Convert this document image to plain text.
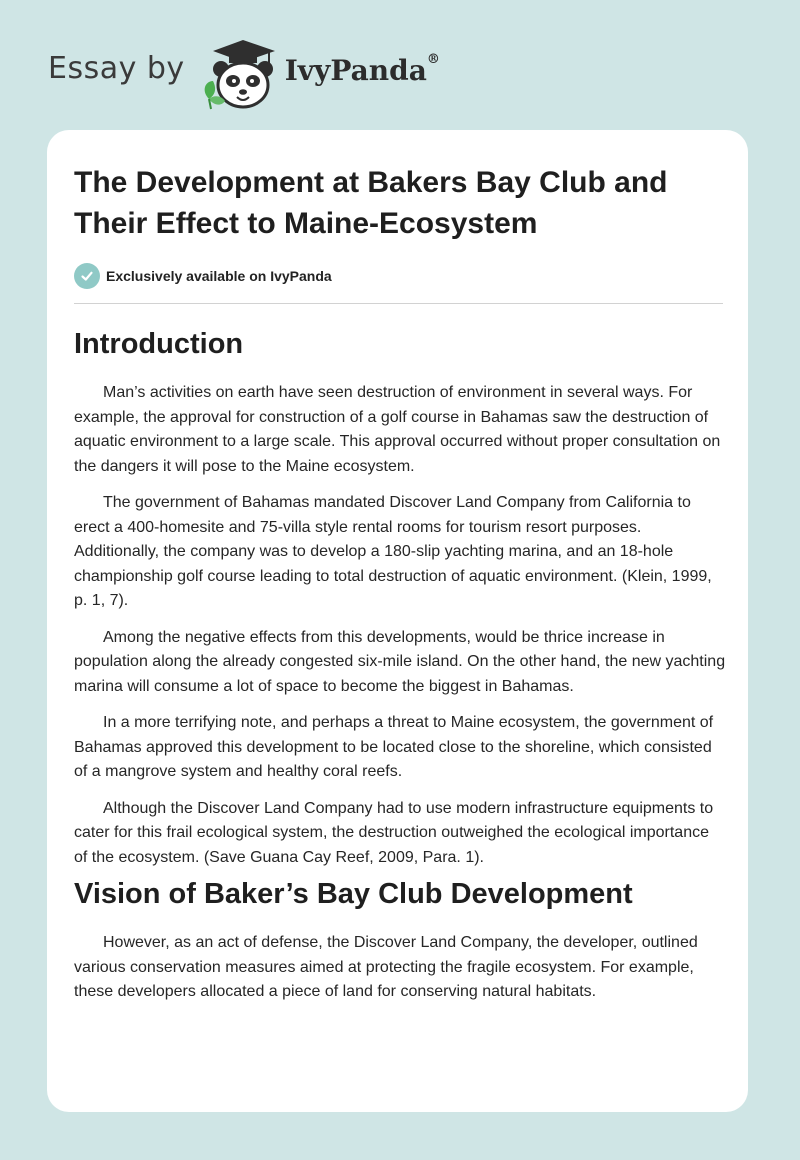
Essay by	IvyPanda®
The Development at Bakers Bay Club and Their Effect to Maine-Ecosystem
Exclusively available on IvyPanda
Introduction

Man’s activities on earth have seen destruction of environment in several ways. For example, the approval for construction of a golf course in Bahamas saw the destruction of aquatic environment to a large scale. This approval occurred without proper consultation on the dangers it will pose to the Maine ecosystem.

The government of Bahamas mandated Discover Land Company from California to erect a 400-homesite and 75-villa style rental rooms for tourism resort purposes. Additionally, the company was to develop a 180-slip yachting marina, and an 18-hole championship golf course leading to total destruction of aquatic environment. (Klein, 1999, p. 1, 7).

Among the negative effects from this developments, would be thrice increase in population along the already congested six-mile island. On the other hand, the new yachting marina will consume a lot of space to become the biggest in Bahamas.

In a more terrifying note, and perhaps a threat to Maine ecosystem, the government of Bahamas approved this development to be located close to the shoreline, which consisted of a mangrove system and healthy coral reefs.

Although the Discover Land Company had to use modern infrastructure equipments to cater for this frail ecological system, the destruction outweighed the ecological importance of the ecosystem. (Save Guana Cay Reef, 2009, Para. 1).

Vision of Baker’s Bay Club Development

However, as an act of defense, the Discover Land Company, the developer, outlined various conservation measures aimed at protecting the fragile ecosystem. For example, these developers allocated a piece of land for conserving natural habitats.
